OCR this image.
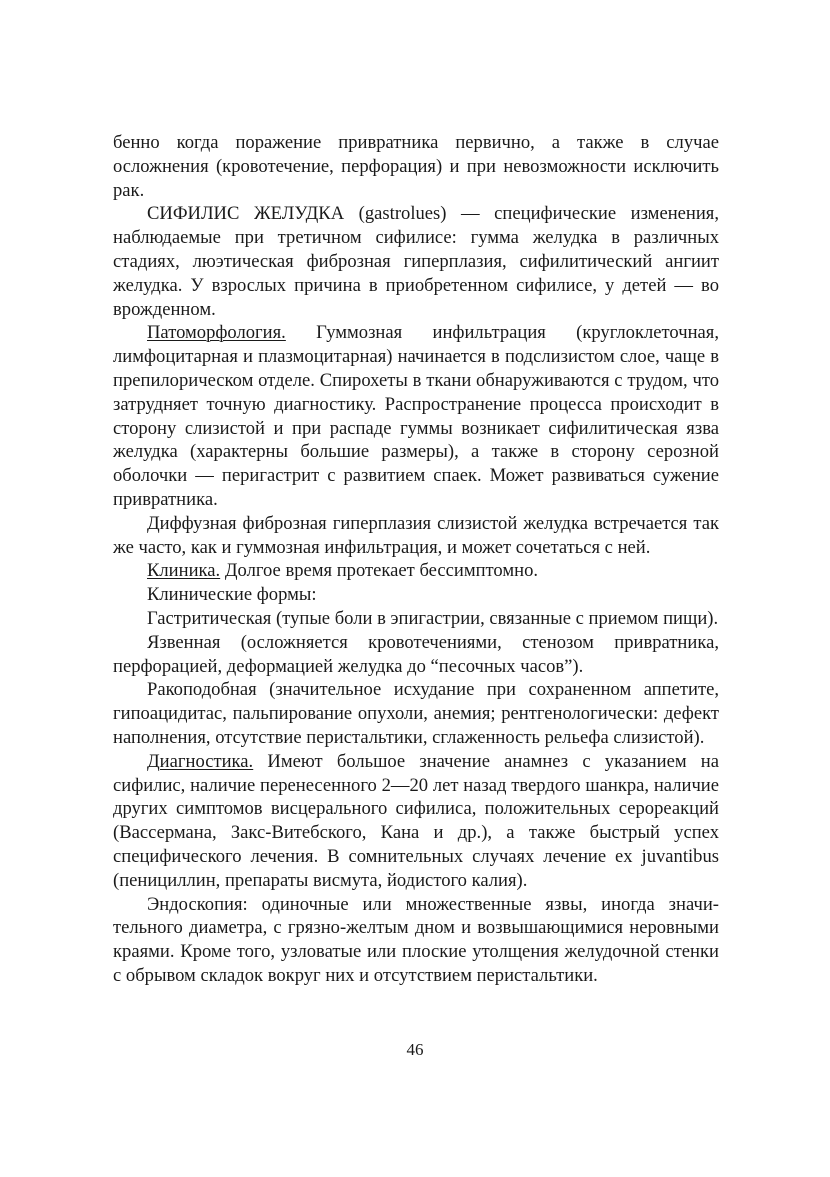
бенно когда поражение привратника первично, а также в случае осложнения (кровотечение, перфорация) и при невозможности исключить рак.

СИФИЛИС ЖЕЛУДКА (gastrolues) — специфические изменения, наблюдаемые при третичном сифилисе: гумма желудка в различных стадиях, люэтическая фиброзная гиперплазия, сифилитический ангиит желудка. У взрослых причина в приобретенном сифилисе, у детей — во врожденном.

Патоморфология. Гуммозная инфильтрация (круглоклеточная, лимфоцитарная и плазмоцитарная) начинается в подслизистом слое, чаще в препилорическом отделе. Спирохеты в ткани обнаруживаются с трудом, что затрудняет точную диагностику. Распространение процесса происходит в сторону слизистой и при распаде гуммы возникает сифилитическая язва желудка (характерны большие размеры), а также в сторону серозной оболочки — перигастрит с развитием спаек. Может развиваться сужение привратника.

Диффузная фиброзная гиперплазия слизистой желудка встречается так же часто, как и гуммозная инфильтрация, и может сочетаться с ней.

Клиника. Долгое время протекает бессимптомно.

Клинические формы:

Гастритическая (тупые боли в эпигастрии, связанные с приемом пищи).

Язвенная (осложняется кровотечениями, стенозом привратника, перфорацией, деформацией желудка до “песочных часов”).

Ракоподобная (значительное исхудание при сохраненном аппетите, гипоацидитас, пальпирование опухоли, анемия; рентгенологически: дефект наполнения, отсутствие перистальтики, сглаженность рельефа слизистой).

Диагностика. Имеют большое значение анамнез с указанием на сифилис, наличие перенесенного 2—20 лет назад твердого шанкра, наличие других симптомов висцерального сифилиса, положительных серореакций (Вассермана, Закс-Витебского, Кана и др.), а также быстрый успех специфического лечения. В сомнительных случаях лечение ex juvantibus (пенициллин, препараты висмута, йодистого калия).

Эндоскопия: одиночные или множественные язвы, иногда значительного диаметра, с грязно-желтым дном и возвышающимися неровными краями. Кроме того, узловатые или плоские утолщения желудочной стенки с обрывом складок вокруг них и отсутствием перистальтики.

46
